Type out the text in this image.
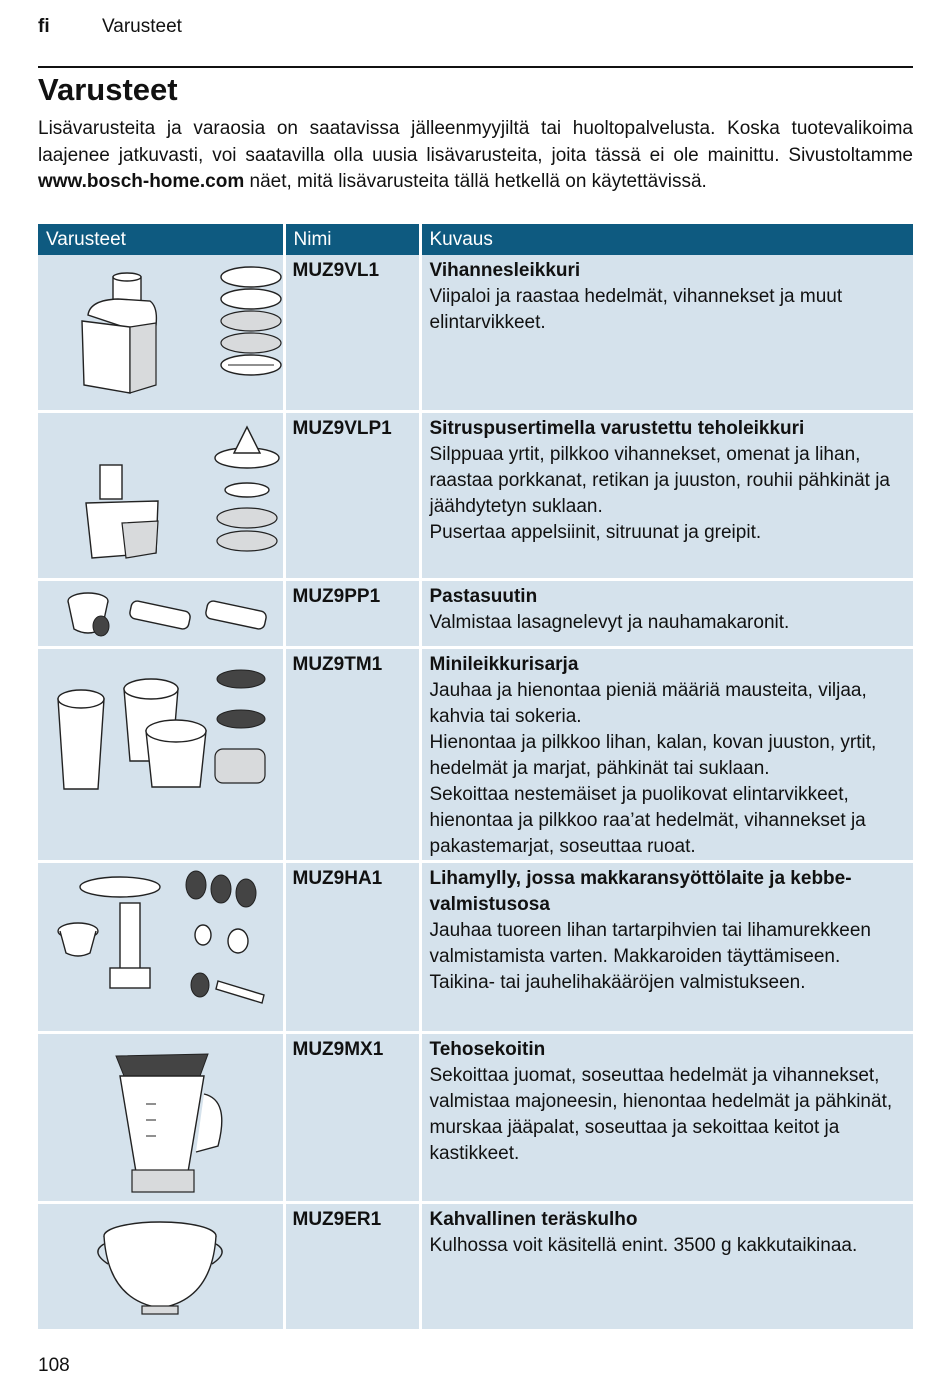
fi	Varusteet
Varusteet

Lisävarusteita ja varaosia on saatavissa jälleenmyyjiltä tai huoltopalvelusta. Koska tuotevalikoima laajenee jatkuvasti, voi saatavilla olla uusia lisävarusteita, joita tässä ei ole mainittu. Sivustoltamme www.bosch-home.com näet, mitä lisävarusteita tällä hetkellä on käytettävissä.

Varusteet	Nimi	Kuvaus

	MUZ9VL1	Vihannesleikkuri
Viipaloi ja raastaa hedelmät, vihannekset ja muut elintarvikkeet.

	MUZ9VLP1	Sitruspusertimella varustettu teholeikkuri
Silppuaa yrtit, pilkkoo vihannekset, omenat ja lihan, raastaa porkkanat, retikan ja juuston, rouhii pähkinät ja jäähdytetyn suklaan.
Pusertaa appelsiinit, sitruunat ja greipit.

	MUZ9PP1	Pastasuutin
Valmistaa lasagnelevyt ja nauhamakaronit.

	MUZ9TM1	Minileikkurisarja
Jauhaa ja hienontaa pieniä määriä mausteita, viljaa, kahvia tai sokeria.
Hienontaa ja pilkkoo lihan, kalan, kovan juuston, yrtit, hedelmät ja marjat, pähkinät tai suklaan.
Sekoittaa nestemäiset ja puolikovat elintarvikkeet, hienontaa ja pilkkoo raa’at hedelmät, vihannekset ja pakastemarjat, soseuttaa ruoat.

	MUZ9HA1	Lihamylly, jossa makkaransyöttölaite ja kebbe-valmistusosa
Jauhaa tuoreen lihan tartarpihvien tai lihamurekkeen valmistamista varten. Makkaroiden täyttämiseen. Taikina- tai jauhelihakääröjen valmistukseen.

	MUZ9MX1	Tehosekoitin
Sekoittaa juomat, soseuttaa hedelmät ja vihannekset, valmistaa majoneesin, hienontaa hedelmät ja pähkinät, murskaa jääpalat, soseuttaa ja sekoittaa keitot ja kastikkeet.

	MUZ9ER1	Kahvallinen teräskulho
Kulhossa voit käsitellä enint. 3500 g kakkutaikinaa.
108
